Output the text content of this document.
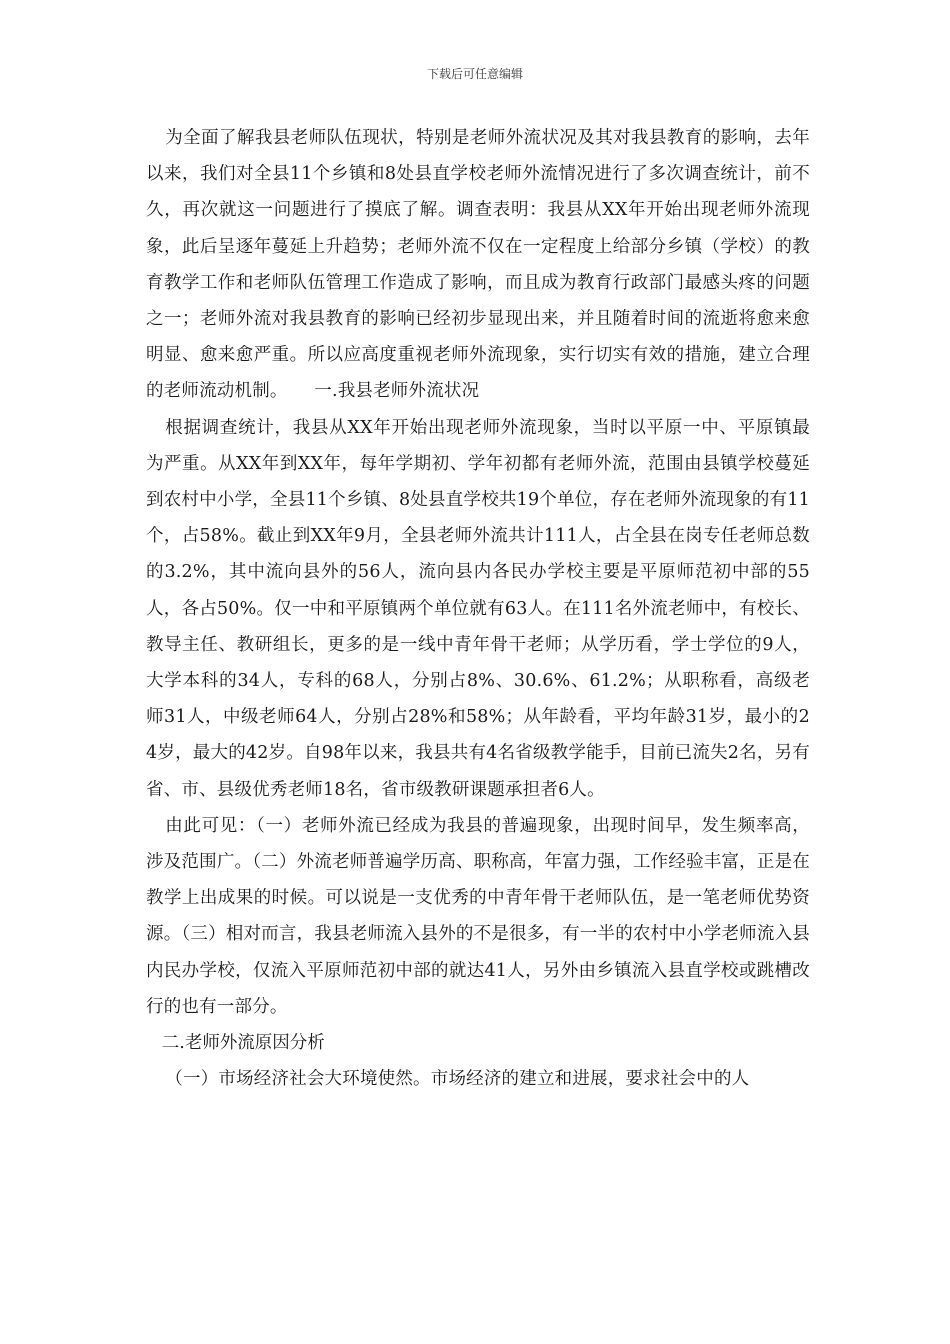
下载后可任意编辑

为全面了解我县老师队伍现状，特别是老师外流状况及其对我县教育的影响，去年以来，我们对全县11个乡镇和8处县直学校老师外流情况进行了多次调查统计，前不久，再次就这一问题进行了摸底了解。调查表明：我县从XX年开始出现老师外流现象，此后呈逐年蔓延上升趋势；老师外流不仅在一定程度上给部分乡镇（学校）的教育教学工作和老师队伍管理工作造成了影响，而且成为教育行政部门最感头疼的问题之一；老师外流对我县教育的影响已经初步显现出来，并且随着时间的流逝将愈来愈明显、愈来愈严重。所以应高度重视老师外流现象，实行切实有效的措施，建立合理的老师流动机制。　　一.我县老师外流状况

根据调查统计，我县从XX年开始出现老师外流现象，当时以平原一中、平原镇最为严重。从XX年到XX年，每年学期初、学年初都有老师外流，范围由县镇学校蔓延到农村中小学，全县11个乡镇、8处县直学校共19个单位，存在老师外流现象的有11个，占58%。截止到XX年9月，全县老师外流共计111人，占全县在岗专任老师总数的3.2%，其中流向县外的56人，流向县内各民办学校主要是平原师范初中部的55人，各占50%。仅一中和平原镇两个单位就有63人。在111名外流老师中，有校长、教导主任、教研组长，更多的是一线中青年骨干老师；从学历看，学士学位的9人，大学本科的34人，专科的68人，分别占8%、30.6%、61.2%；从职称看，高级老师31人，中级老师64人，分别占28%和58%；从年龄看，平均年龄31岁，最小的24岁，最大的42岁。自98年以来，我县共有4名省级教学能手，目前已流失2名，另有省、市、县级优秀老师18名，省市级教研课题承担者6人。

由此可见：（一）老师外流已经成为我县的普遍现象，出现时间早，发生频率高，涉及范围广。（二）外流老师普遍学历高、职称高，年富力强，工作经验丰富，正是在教学上出成果的时候。可以说是一支优秀的中青年骨干老师队伍，是一笔老师优势资源。（三）相对而言，我县老师流入县外的不是很多，有一半的农村中小学老师流入县内民办学校，仅流入平原师范初中部的就达41人，另外由乡镇流入县直学校或跳槽改行的也有一部分。

二.老师外流原因分析

（一）市场经济社会大环境使然。市场经济的建立和进展，要求社会中的人
